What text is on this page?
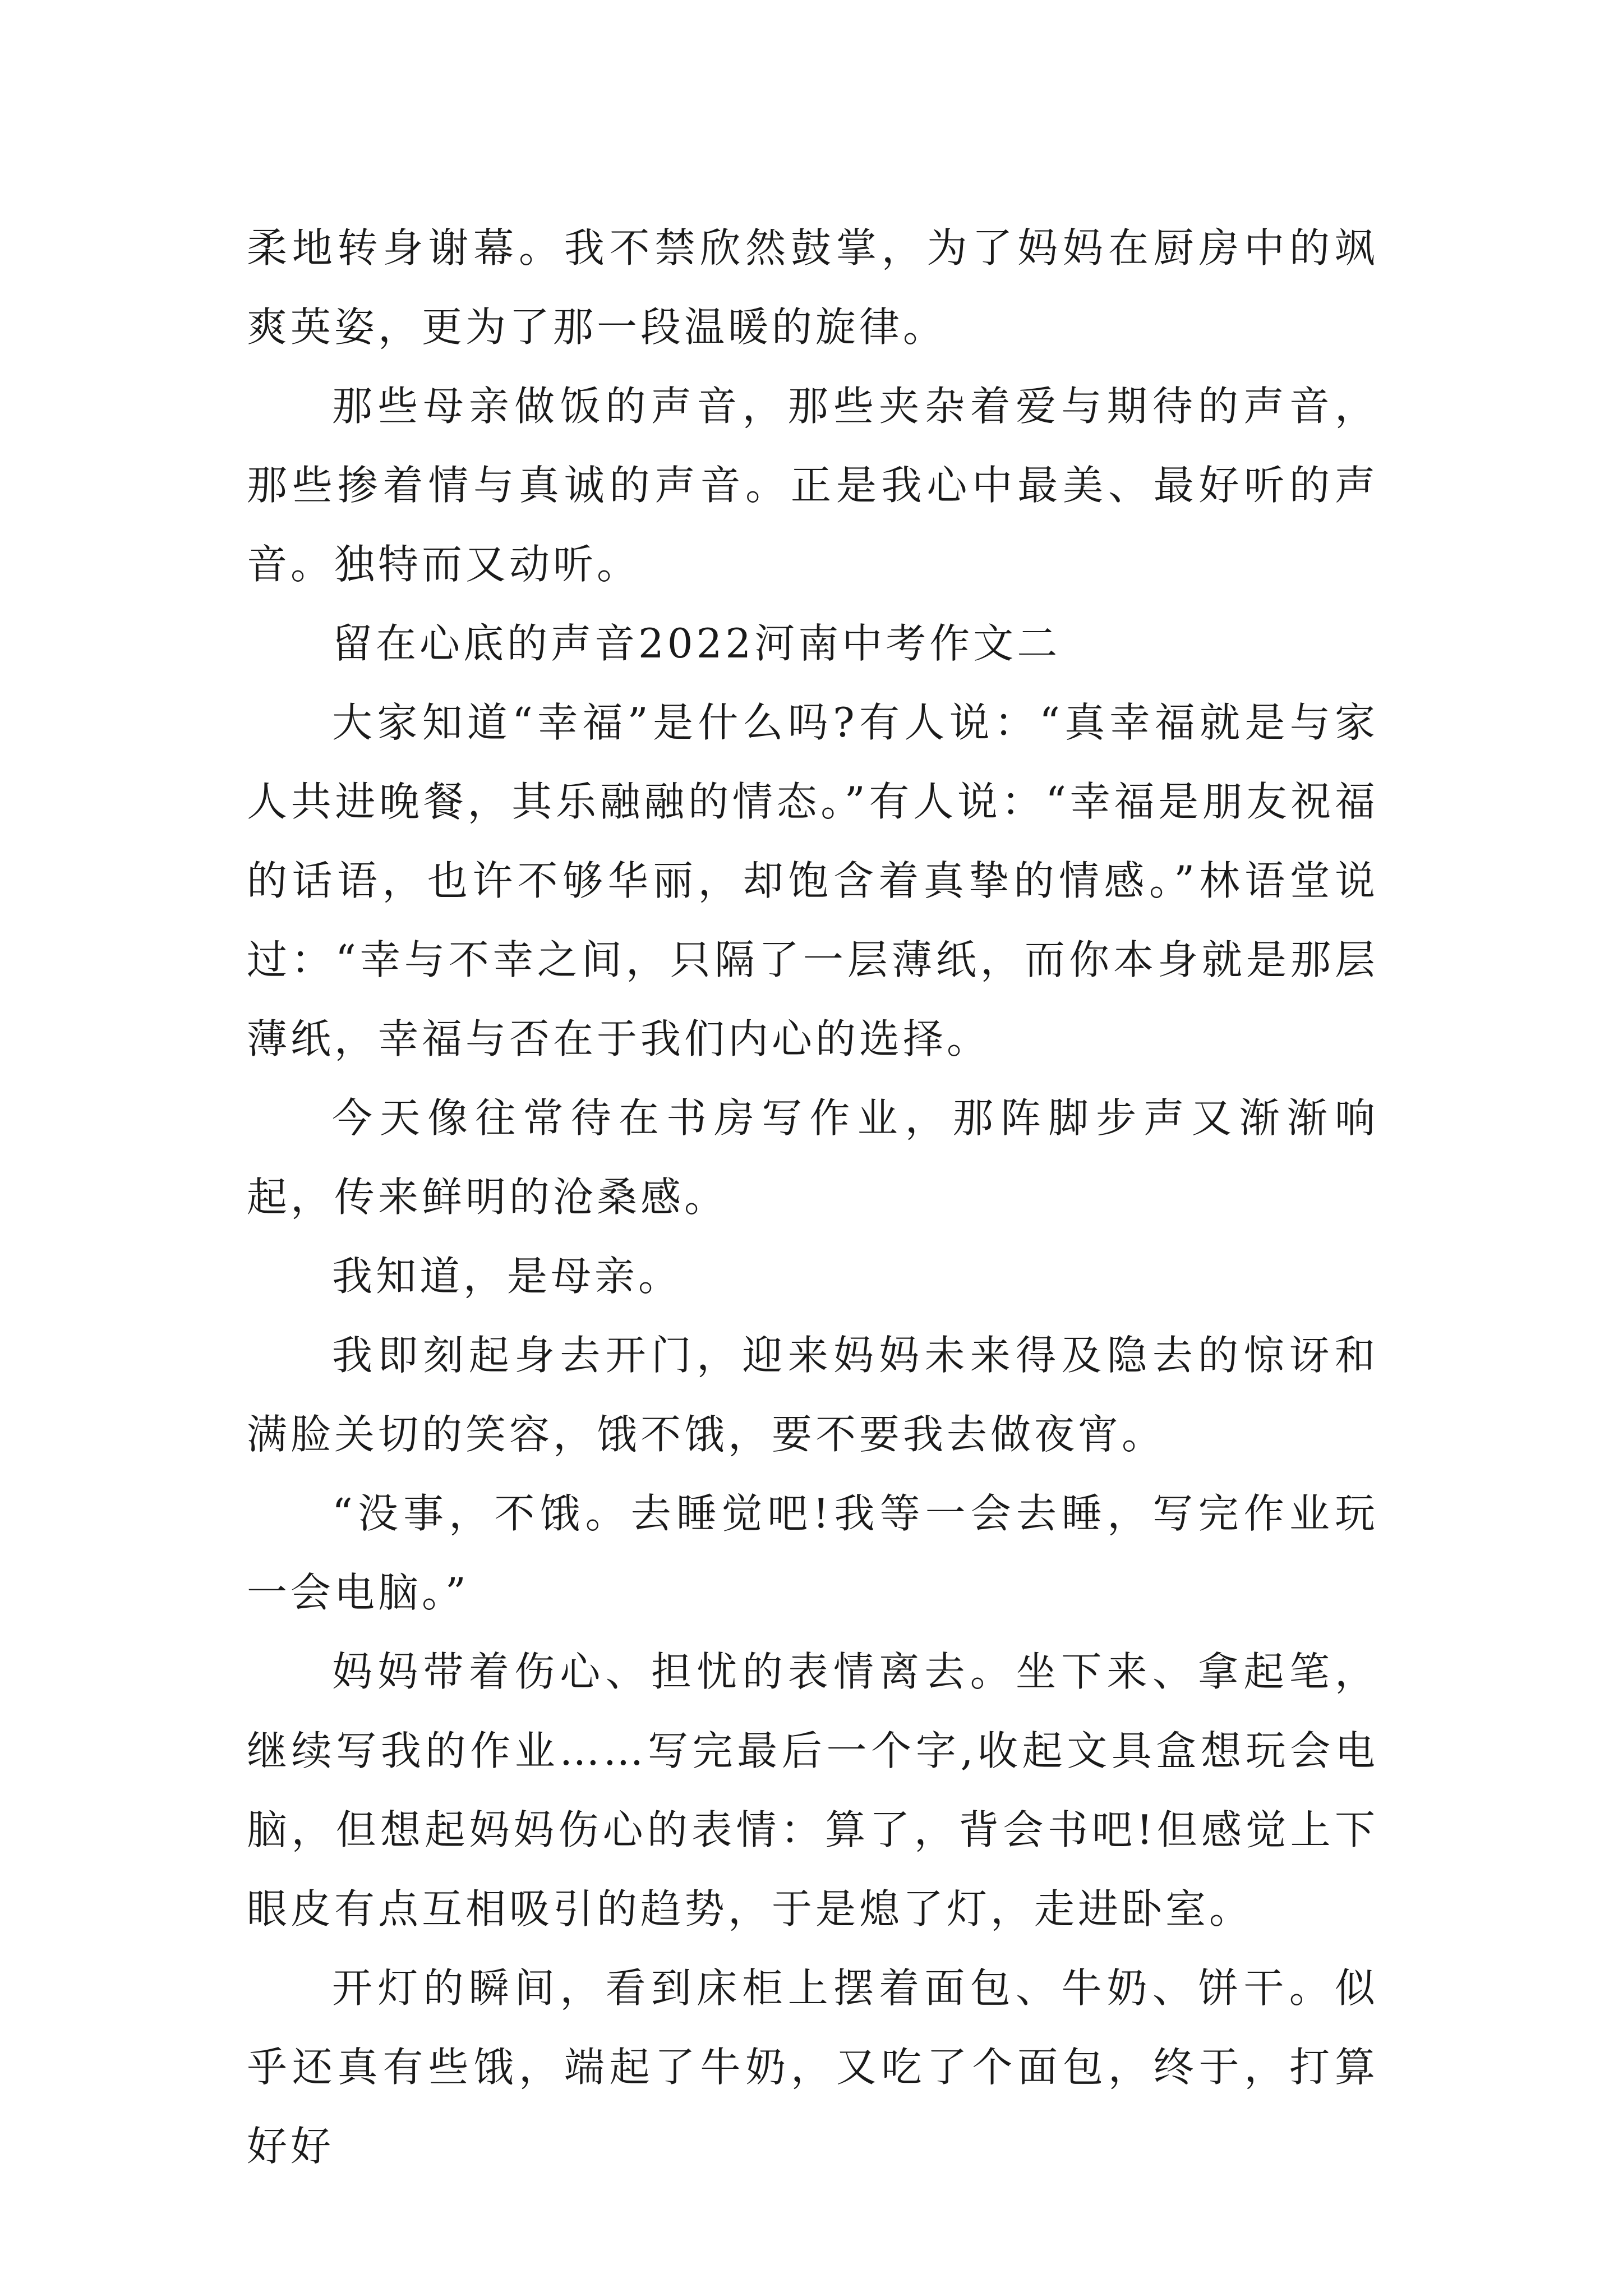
柔地转身谢幕。我不禁欣然鼓掌，为了妈妈在厨房中的飒爽英姿，更为了那一段温暖的旋律。

那些母亲做饭的声音，那些夹杂着爱与期待的声音，那些掺着情与真诚的声音。正是我心中最美、最好听的声音。独特而又动听。

留在心底的声音2022河南中考作文二

大家知道“幸福”是什么吗?有人说：“真幸福就是与家人共进晚餐，其乐融融的情态。”有人说：“幸福是朋友祝福的话语，也许不够华丽，却饱含着真挚的情感。”林语堂说过：“幸与不幸之间，只隔了一层薄纸，而你本身就是那层薄纸，幸福与否在于我们内心的选择。

今天像往常待在书房写作业，那阵脚步声又渐渐响起，传来鲜明的沧桑感。

我知道，是母亲。

我即刻起身去开门，迎来妈妈未来得及隐去的惊讶和满脸关切的笑容，饿不饿，要不要我去做夜宵。

“没事，不饿。去睡觉吧!我等一会去睡，写完作业玩一会电脑。”

妈妈带着伤心、担忧的表情离去。坐下来、拿起笔，继续写我的作业……写完最后一个字,收起文具盒想玩会电脑，但想起妈妈伤心的表情：算了，背会书吧!但感觉上下眼皮有点互相吸引的趋势，于是熄了灯，走进卧室。

开灯的瞬间，看到床柜上摆着面包、牛奶、饼干。似乎还真有些饿，端起了牛奶，又吃了个面包，终于，打算好好
